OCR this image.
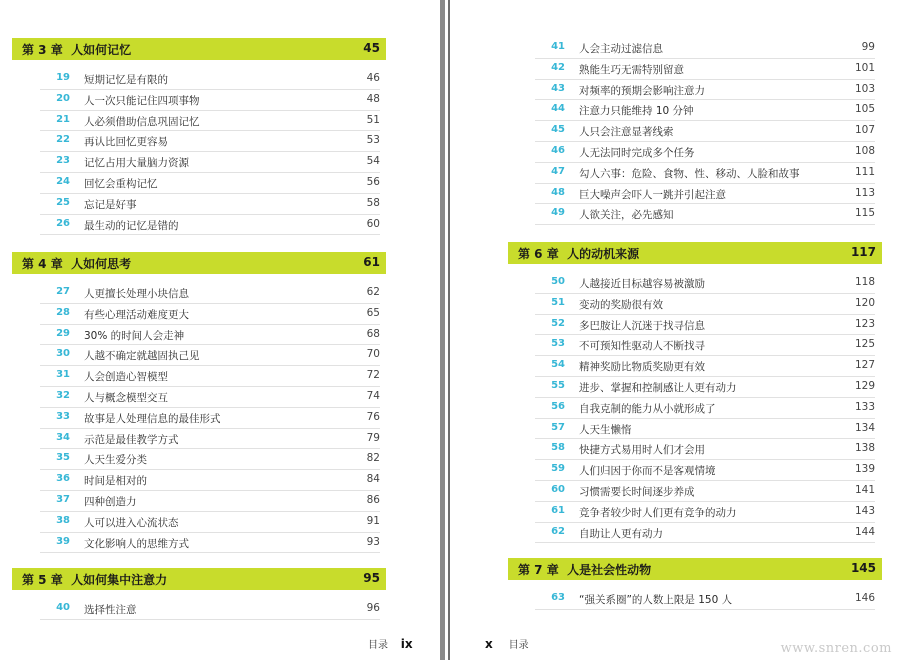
第 3 章 人如何记忆	45
19 短期记忆是有限的	46
20 人一次只能记住四项事物	48
21 人必须借助信息巩固记忆	51
22 再认比回忆更容易	53
23 记忆占用大量脑力资源	54
24 回忆会重构记忆	56
25 忘记是好事	58
26 最生动的记忆是错的	60
第 4 章 人如何思考	61
27 人更擅长处理小块信息	62
28 有些心理活动难度更大	65
29 30% 的时间人会走神	68
30 人越不确定就越固执己见	70
31 人会创造心智模型	72
32 人与概念模型交互	74
33 故事是人处理信息的最佳形式	76
34 示范是最佳教学方式	79
35 人天生爱分类	82
36 时间是相对的	84
37 四种创造力	86
38 人可以进入心流状态	91
39 文化影响人的思维方式	93
第 5 章 人如何集中注意力	95
40 选择性注意	96
目录 ix
41 人会主动过滤信息	99
42 熟能生巧无需特别留意	101
43 对频率的预期会影响注意力	103
44 注意力只能维持 10 分钟	105
45 人只会注意显著线索	107
46 人无法同时完成多个任务	108
47 勾人六事：危险、食物、性、移动、人脸和故事	111
48 巨大噪声会吓人一跳并引起注意	113
49 人欲关注，必先感知	115
第 6 章 人的动机来源	117
50 人越接近目标越容易被激励	118
51 变动的奖励很有效	120
52 多巴胺让人沉迷于找寻信息	123
53 不可预知性驱动人不断找寻	125
54 精神奖励比物质奖励更有效	127
55 进步、掌握和控制感让人更有动力	129
56 自我克制的能力从小就形成了	133
57 人天生懒惰	134
58 快捷方式易用时人们才会用	138
59 人们归因于你而不是客观情境	139
60 习惯需要长时间逐步养成	141
61 竞争者较少时人们更有竞争的动力	143
62 自助让人更有动力	144
第 7 章 人是社会性动物	145
63 “强关系圈”的人数上限是 150 人	146
x 目录	www.snren.com
